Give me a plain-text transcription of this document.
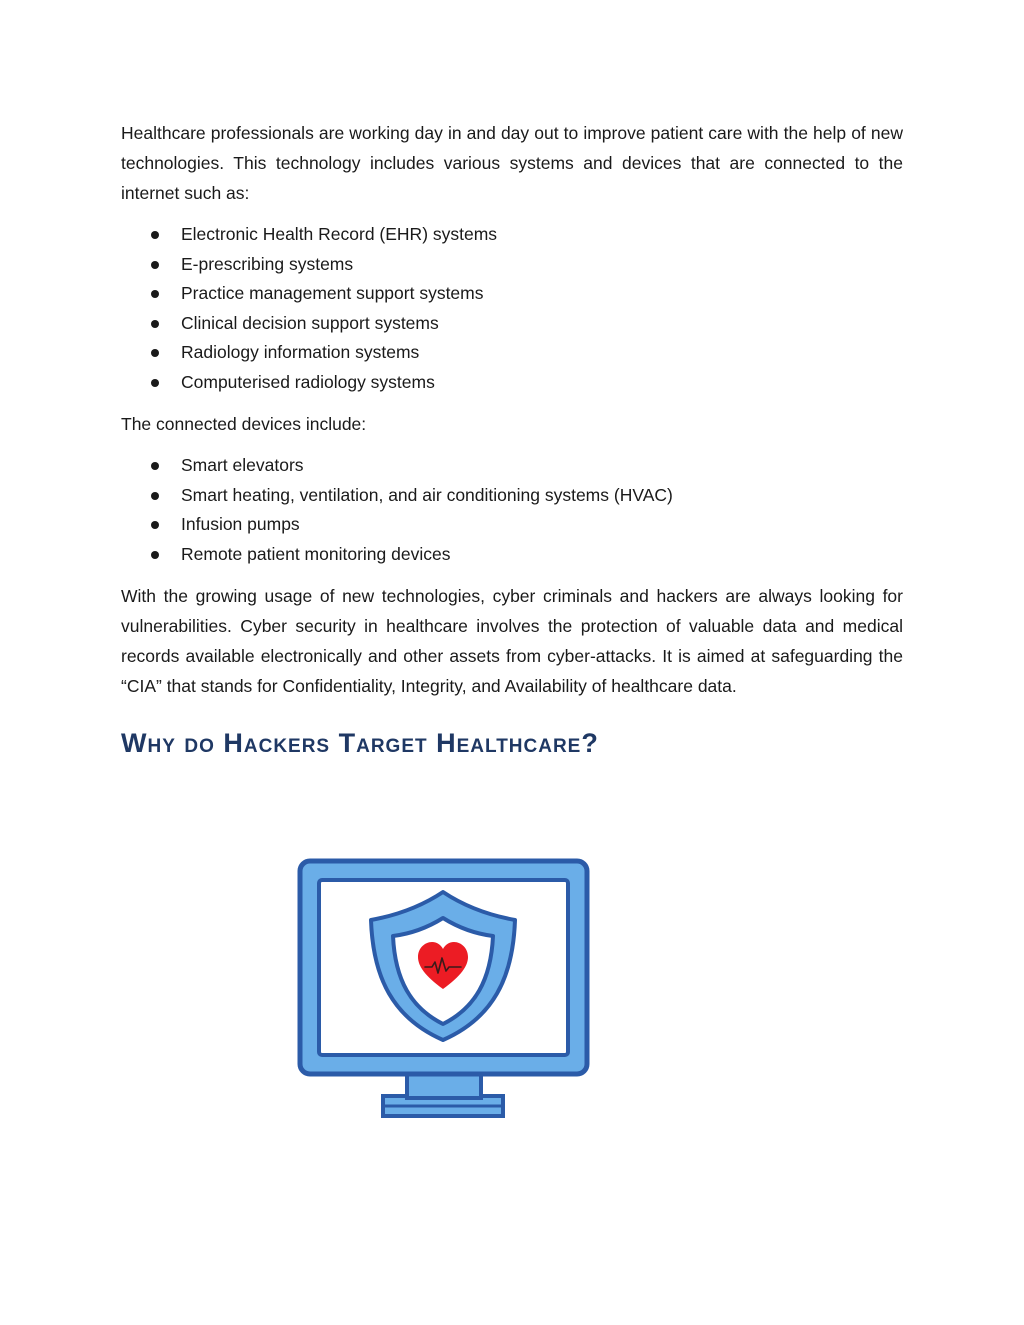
Healthcare professionals are working day in and day out to improve patient care with the help of new technologies. This technology includes various systems and devices that are connected to the internet such as:

Electronic Health Record (EHR) systems
E-prescribing systems
Practice management support systems
Clinical decision support systems
Radiology information systems
Computerised radiology systems

The connected devices include:

Smart elevators
Smart heating, ventilation, and air conditioning systems (HVAC)
Infusion pumps
Remote patient monitoring devices

With the growing usage of new technologies, cyber criminals and hackers are always looking for vulnerabilities. Cyber security in healthcare involves the protection of valuable data and medical records available electronically and other assets from cyber-attacks. It is aimed at safeguarding the “CIA” that stands for Confidentiality, Integrity, and Availability of healthcare data.

Why do Hackers Target Healthcare?
